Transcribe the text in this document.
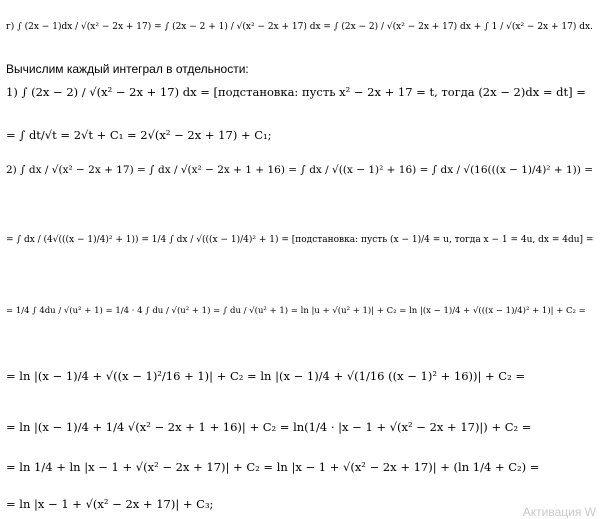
г) ∫ (2x − 1)dx / √(x² − 2x + 17) = ∫ (2x − 2 + 1) / √(x² − 2x + 17) dx = ∫ (2x − 2) / √(x² − 2x + 17) dx + ∫ 1 / √(x² − 2x + 17) dx.
Вычислим каждый интеграл в отдельности:
1) ∫ (2x − 2) / √(x² − 2x + 17) dx = [подстановка: пусть x² − 2x + 17 = t, тогда (2x − 2)dx = dt] =
= ∫ dt/√t = 2√t + C₁ = 2√(x² − 2x + 17) + C₁;
2) ∫ dx / √(x² − 2x + 17) = ∫ dx / √(x² − 2x + 1 + 16) = ∫ dx / √((x − 1)² + 16) = ∫ dx / √(16(((x − 1)/4)² + 1)) =
= ∫ dx / (4√(((x − 1)/4)² + 1)) = 1/4 ∫ dx / √(((x − 1)/4)² + 1) = [подстановка: пусть (x − 1)/4 = u, тогда x − 1 = 4u, dx = 4du] =
= 1/4 ∫ 4du / √(u² + 1) = 1/4 · 4 ∫ du / √(u² + 1) = ∫ du / √(u² + 1) = ln |u + √(u² + 1)| + C₂ = ln |(x − 1)/4 + √(((x − 1)/4)² + 1)| + C₂ =
= ln |(x − 1)/4 + √((x − 1)²/16 + 1)| + C₂ = ln |(x − 1)/4 + √(1/16 ((x − 1)² + 16))| + C₂ =
= ln |(x − 1)/4 + 1/4 √(x² − 2x + 1 + 16)| + C₂ = ln(1/4 · |x − 1 + √(x² − 2x + 17)|) + C₂ =
= ln 1/4 + ln |x − 1 + √(x² − 2x + 17)| + C₂ = ln |x − 1 + √(x² − 2x + 17)| + (ln 1/4 + C₂) =
= ln |x − 1 + √(x² − 2x + 17)| + C₃;
Активация W
